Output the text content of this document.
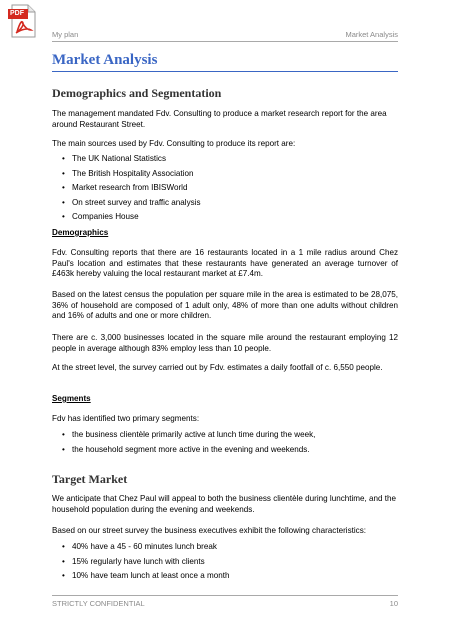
PDF
My plan	Market Analysis
Market Analysis
Demographics and Segmentation
The management mandated Fdv. Consulting to produce a market research report for the area around Restaurant Street.
The main sources used by Fdv. Consulting to produce its report are:
• The UK National Statistics
• The British Hospitality Association
• Market research from IBISWorld
• On street survey and traffic analysis
• Companies House
Demographics
Fdv. Consulting reports that there are 16 restaurants located in a 1 mile radius around Chez Paul's location and estimates that these restaurants have generated an average turnover of £463k hereby valuing the local restaurant market at £7.4m.
Based on the latest census the population per square mile in the area is estimated to be 28,075, 36% of household are composed of 1 adult only, 48% of more than one adults without children and 16% of adults and one or more children.
There are c. 3,000 businesses located in the square mile around the restaurant employing 12 people in average although 83% employ less than 10 people.
At the street level, the survey carried out by Fdv. estimates a daily footfall of c. 6,550 people.
Segments
Fdv has identified two primary segments:
• the business clientèle primarily active at lunch time during the week,
• the household segment more active in the evening and weekends.
Target Market
We anticipate that Chez Paul will appeal to both the business clientèle during lunchtime, and the household population during the evening and weekends.
Based on our street survey the business executives exhibit the following characteristics:
• 40% have a 45 - 60 minutes lunch break
• 15% regularly have lunch with clients
• 10% have team lunch at least once a month
STRICTLY CONFIDENTIAL	10
